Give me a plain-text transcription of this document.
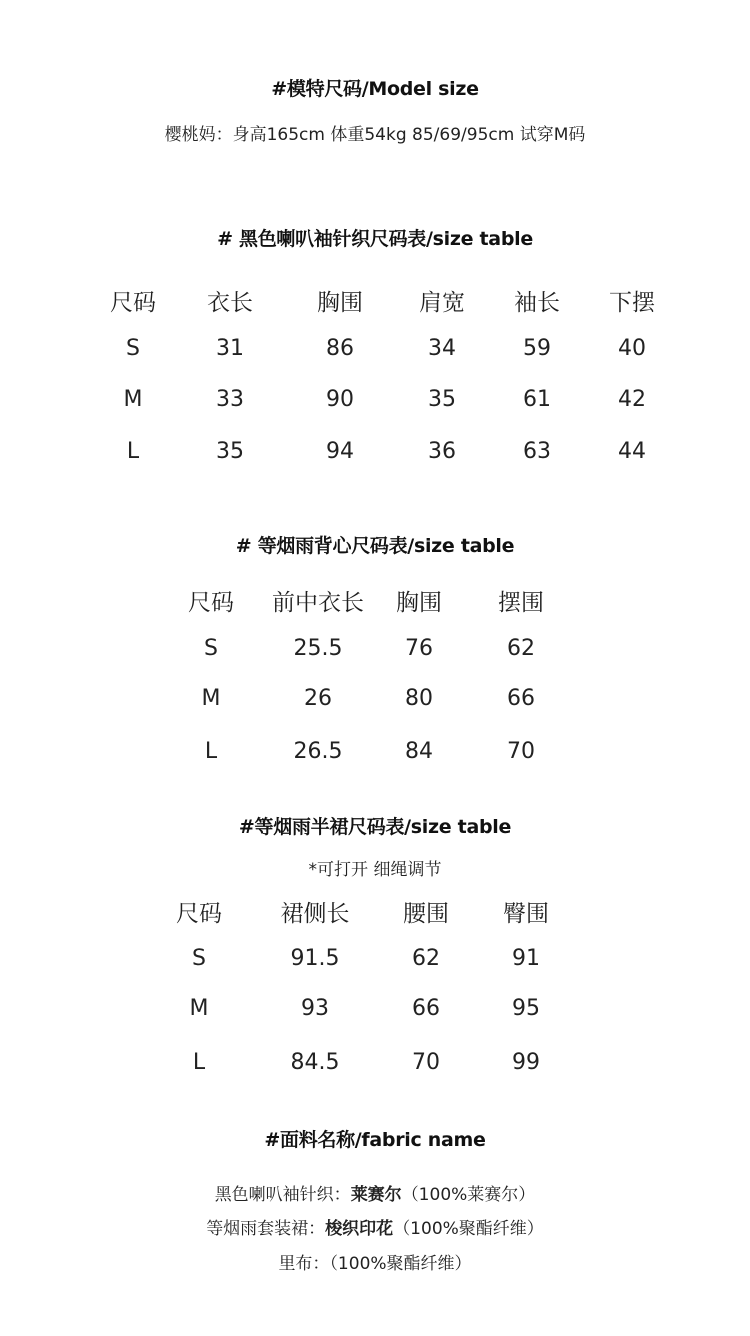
#模特尺码/Model size
樱桃妈：身高165cm 体重54kg 85/69/95cm 试穿M码
# 黑色喇叭袖针织尺码表/size table
尺码 衣长	胸围 肩宽 袖长 下摆
S	31	86	34	59	40
M	33	90	35	61	42
L	35	94	36	63	44
# 等烟雨背心尺码表/size table
尺码 前中衣长 胸围 摆围
S	25.5	76	62
M	26	80	66
L	26.5	84	70
#等烟雨半裙尺码表/size table
*可打开 细绳调节
尺码	裙侧长 腰围 臀围
S	91.5	62	91
M	93	66	95
L	84.5	70	99
#面料名称/fabric name
黑色喇叭袖针织：莱赛尔（100%莱赛尔）
等烟雨套装裙：梭织印花（100%聚酯纤维）
里布：（100%聚酯纤维）
